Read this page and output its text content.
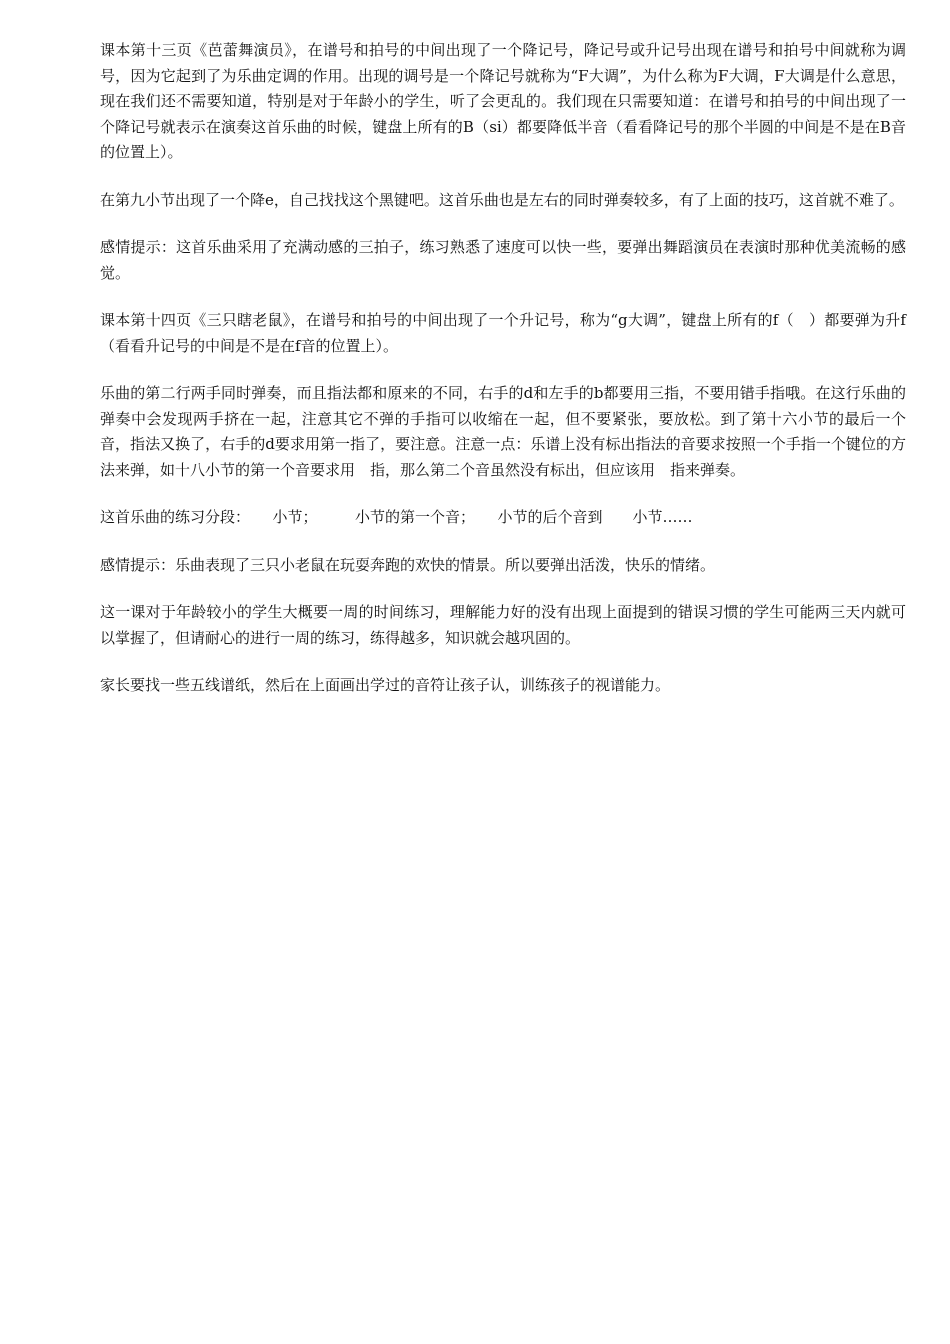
课本第十三页《芭蕾舞演员》，在谱号和拍号的中间出现了一个降记号，降记号或升记号出现在谱号和拍号中间就称为调号，因为它起到了为乐曲定调的作用。出现的调号是一个降记号就称为“F大调”，为什么称为F大调，F大调是什么意思，现在我们还不需要知道，特别是对于年龄小的学生，听了会更乱的。我们现在只需要知道：在谱号和拍号的中间出现了一个降记号就表示在演奏这首乐曲的时候，键盘上所有的B（si）都要降低半音（看看降记号的那个半圆的中间是不是在B音的位置上）。

在第九小节出现了一个降e，自己找找这个黑键吧。这首乐曲也是左右的同时弹奏较多，有了上面的技巧，这首就不难了。

感情提示：这首乐曲采用了充满动感的三拍子，练习熟悉了速度可以快一些，要弹出舞蹈演员在表演时那种优美流畅的感觉。

课本第十四页《三只瞎老鼠》，在谱号和拍号的中间出现了一个升记号，称为“g大调”，键盘上所有的f（　）都要弹为升f（看看升记号的中间是不是在f音的位置上）。

乐曲的第二行两手同时弹奏，而且指法都和原来的不同，右手的d和左手的b都要用三指，不要用错手指哦。在这行乐曲的弹奏中会发现两手挤在一起，注意其它不弹的手指可以收缩在一起，但不要紧张，要放松。到了第十六小节的最后一个音，指法又换了，右手的d要求用第一指了，要注意。注意一点：乐谱上没有标出指法的音要求按照一个手指一个键位的方法来弹，如十八小节的第一个音要求用　指，那么第二个音虽然没有标出，但应该用　指来弹奏。

这首乐曲的练习分段：　　小节；　　　小节的第一个音；　　小节的后个音到　　小节……

感情提示：乐曲表现了三只小老鼠在玩耍奔跑的欢快的情景。所以要弹出活泼，快乐的情绪。

这一课对于年龄较小的学生大概要一周的时间练习，理解能力好的没有出现上面提到的错误习惯的学生可能两三天内就可以掌握了，但请耐心的进行一周的练习，练得越多，知识就会越巩固的。

家长要找一些五线谱纸，然后在上面画出学过的音符让孩子认，训练孩子的视谱能力。
